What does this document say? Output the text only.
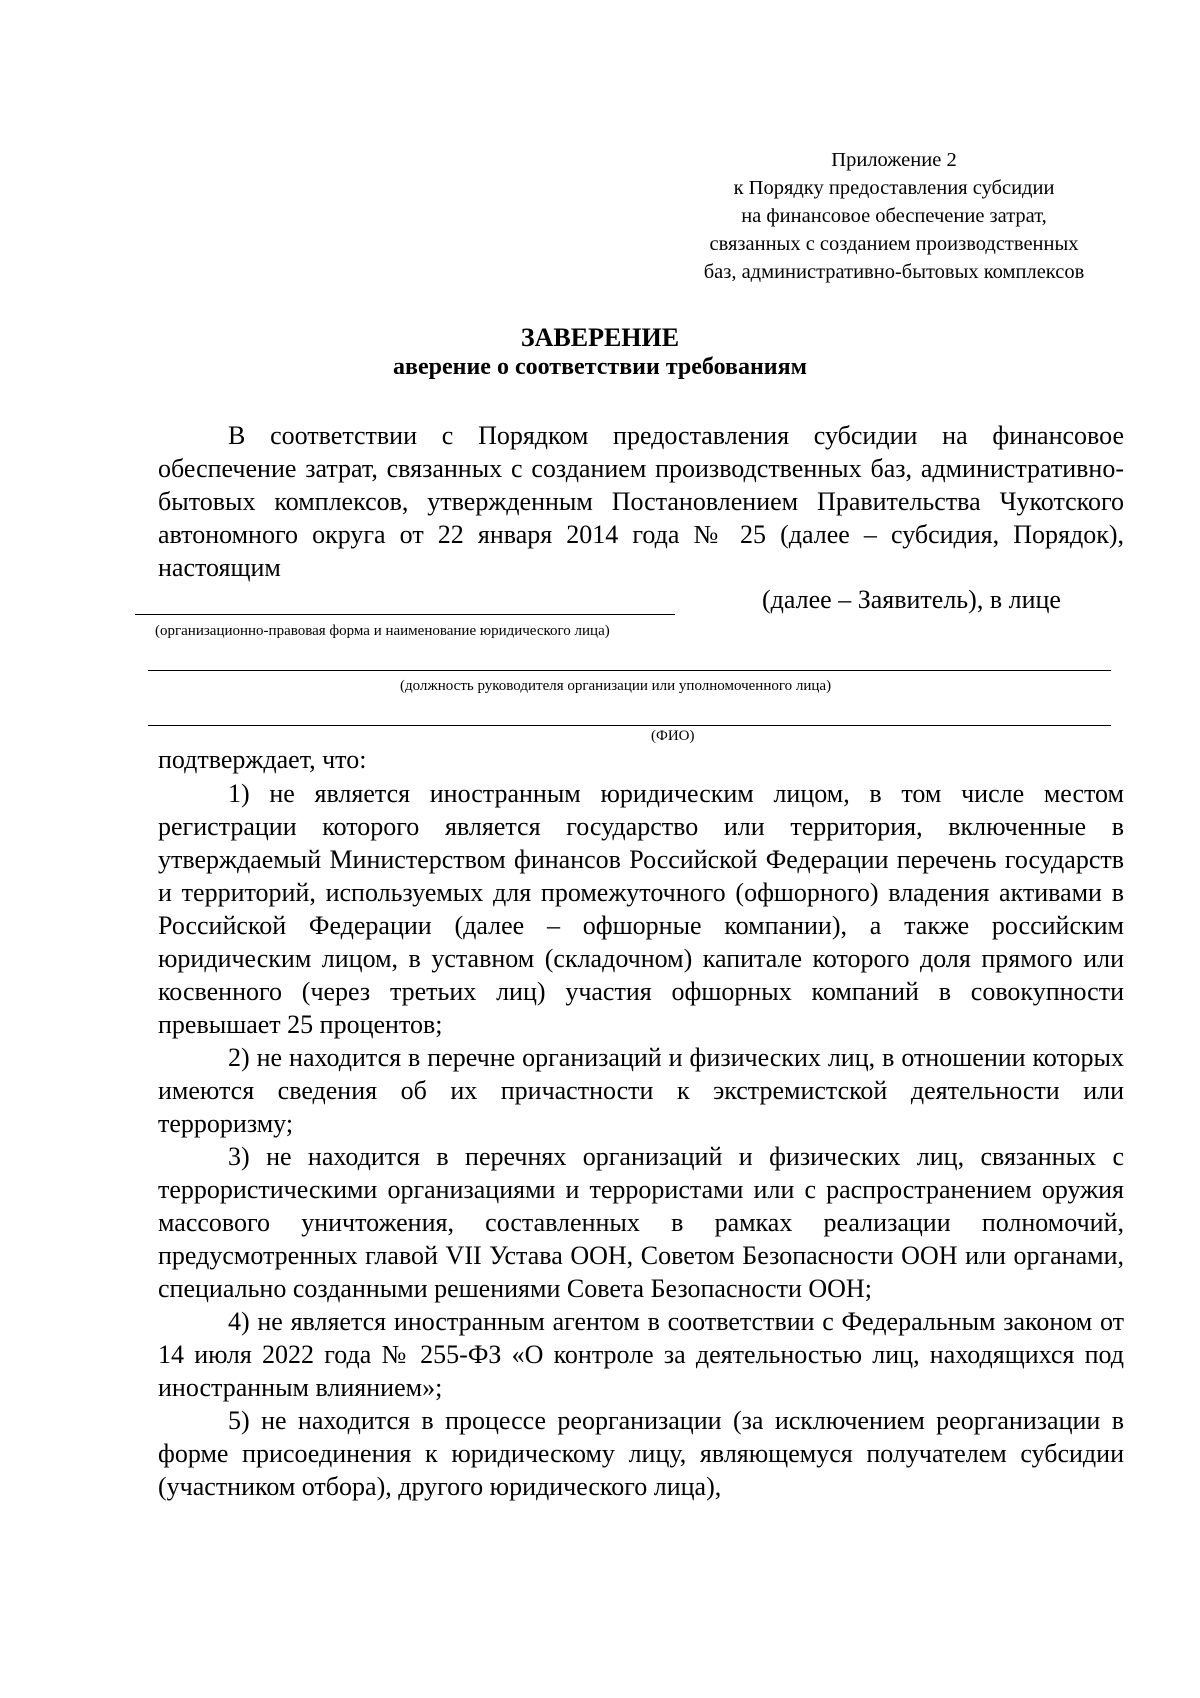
Приложение 2
к Порядку предоставления субсидии
на финансовое обеспечение затрат,
связанных с созданием производственных
баз, административно-бытовых комплексов
ЗАВЕРЕНИЕ
аверение о соответствии требованиям
В соответствии с Порядком предоставления субсидии на финансовое обеспечение затрат, связанных с созданием производственных баз, административно-бытовых комплексов, утвержденным Постановлением Правительства Чукотского автономного округа от 22 января 2014 года № 25 (далее – субсидия, Порядок), настоящим
(далее – Заявитель), в лице
(организационно-правовая форма и наименование юридического лица)
(должность руководителя организации или уполномоченного лица)
(ФИО)
подтверждает, что:

1) не является иностранным юридическим лицом, в том числе местом регистрации которого является государство или территория, включенные в утверждаемый Министерством финансов Российской Федерации перечень государств и территорий, используемых для промежуточного (офшорного) владения активами в Российской Федерации (далее – офшорные компании), а также российским юридическим лицом, в уставном (складочном) капитале которого доля прямого или косвенного (через третьих лиц) участия офшорных компаний в совокупности превышает 25 процентов;

2) не находится в перечне организаций и физических лиц, в отношении которых имеются сведения об их причастности к экстремистской деятельности или терроризму;

3) не находится в перечнях организаций и физических лиц, связанных с террористическими организациями и террористами или с распространением оружия массового уничтожения, составленных в рамках реализации полномочий, предусмотренных главой VII Устава ООН, Советом Безопасности ООН или органами, специально созданными решениями Совета Безопасности ООН;

4) не является иностранным агентом в соответствии с Федеральным законом от 14 июля 2022 года № 255-ФЗ «О контроле за деятельностью лиц, находящихся под иностранным влиянием»;

5) не находится в процессе реорганизации (за исключением реорганизации в форме присоединения к юридическому лицу, являющемуся получателем субсидии (участником отбора), другого юридического лица),
